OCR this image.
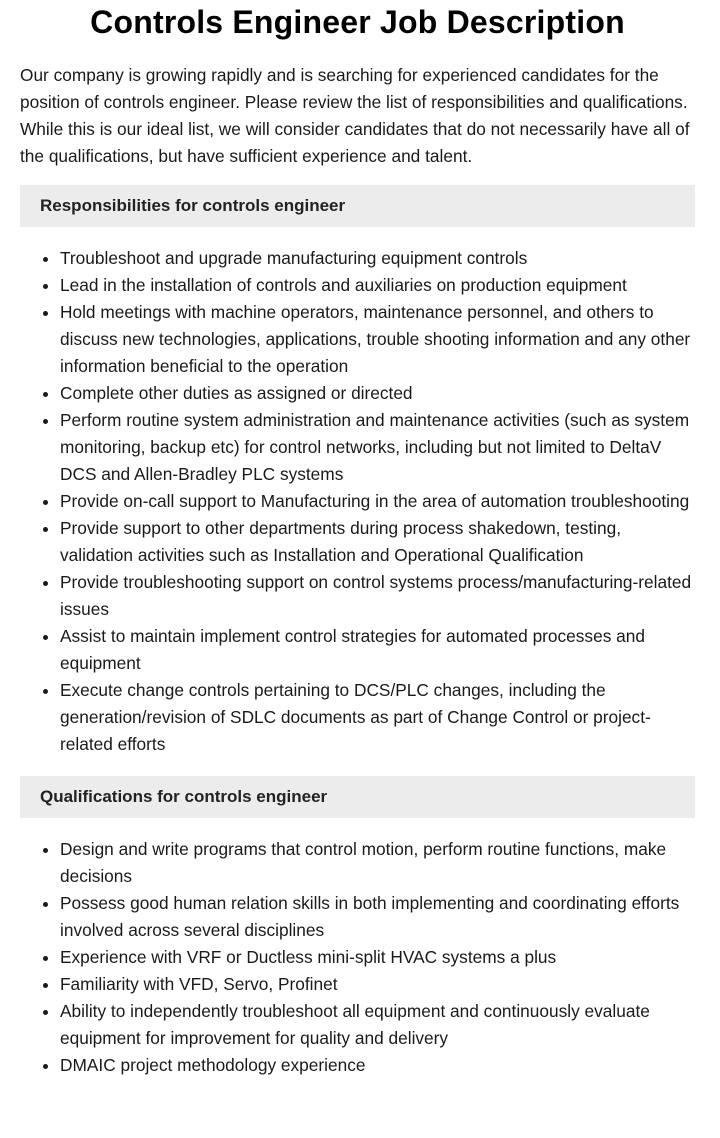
Controls Engineer Job Description

Our company is growing rapidly and is searching for experienced candidates for the position of controls engineer. Please review the list of responsibilities and qualifications. While this is our ideal list, we will consider candidates that do not necessarily have all of the qualifications, but have sufficient experience and talent.

Responsibilities for controls engineer
Troubleshoot and upgrade manufacturing equipment controls
Lead in the installation of controls and auxiliaries on production equipment
Hold meetings with machine operators, maintenance personnel, and others to discuss new technologies, applications, trouble shooting information and any other information beneficial to the operation
Complete other duties as assigned or directed
Perform routine system administration and maintenance activities (such as system monitoring, backup etc) for control networks, including but not limited to DeltaV DCS and Allen-Bradley PLC systems
Provide on-call support to Manufacturing in the area of automation troubleshooting
Provide support to other departments during process shakedown, testing, validation activities such as Installation and Operational Qualification
Provide troubleshooting support on control systems process/manufacturing-related issues
Assist to maintain implement control strategies for automated processes and equipment
Execute change controls pertaining to DCS/PLC changes, including the generation/revision of SDLC documents as part of Change Control or project-related efforts
Qualifications for controls engineer
Design and write programs that control motion, perform routine functions, make decisions
Possess good human relation skills in both implementing and coordinating efforts involved across several disciplines
Experience with VRF or Ductless mini-split HVAC systems a plus
Familiarity with VFD, Servo, Profinet
Ability to independently troubleshoot all equipment and continuously evaluate equipment for improvement for quality and delivery
DMAIC project methodology experience
